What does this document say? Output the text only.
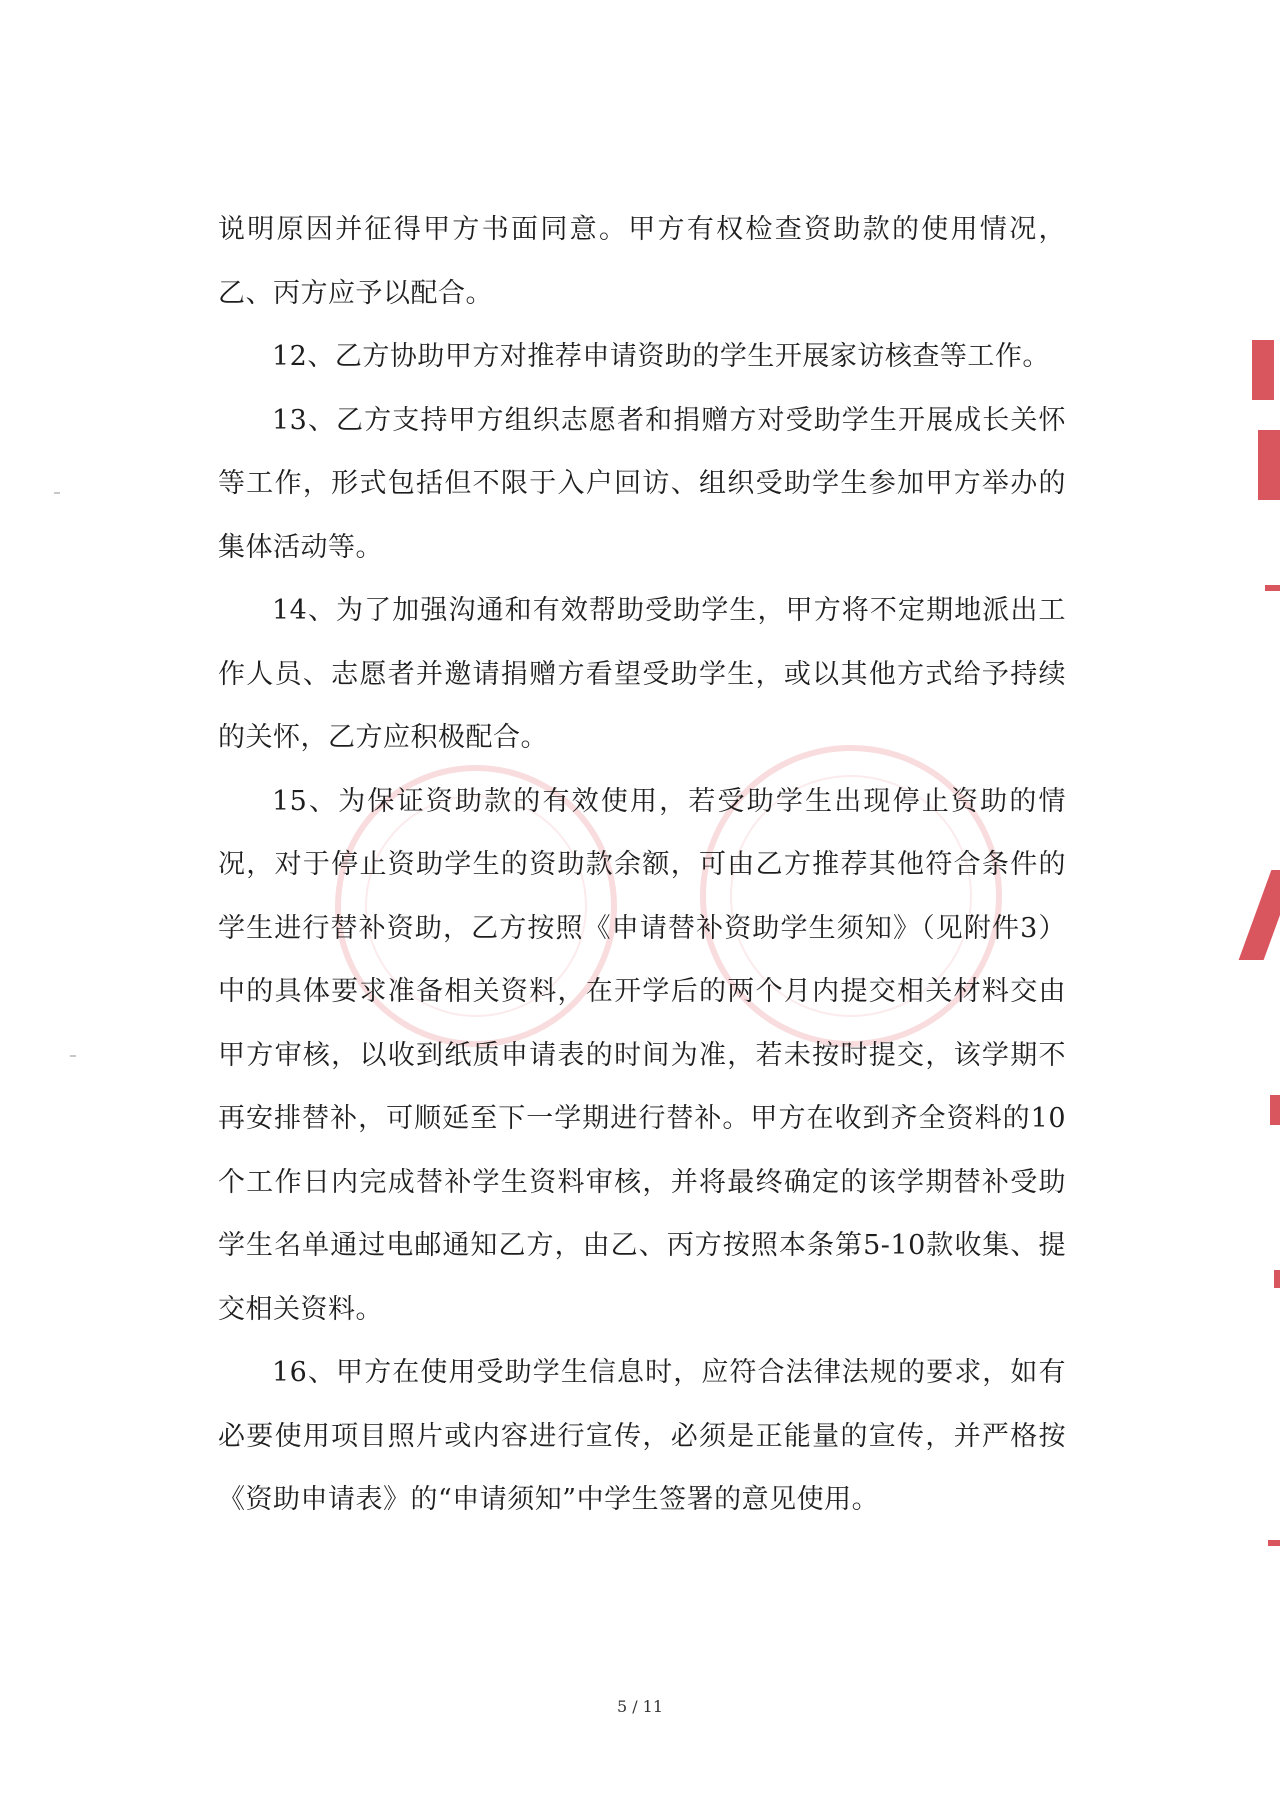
说明原因并征得甲方书面同意。甲方有权检查资助款的使用情况，乙、丙方应予以配合。

12、乙方协助甲方对推荐申请资助的学生开展家访核查等工作。

13、乙方支持甲方组织志愿者和捐赠方对受助学生开展成长关怀等工作，形式包括但不限于入户回访、组织受助学生参加甲方举办的集体活动等。

14、为了加强沟通和有效帮助受助学生，甲方将不定期地派出工作人员、志愿者并邀请捐赠方看望受助学生，或以其他方式给予持续的关怀，乙方应积极配合。

15、为保证资助款的有效使用，若受助学生出现停止资助的情况，对于停止资助学生的资助款余额，可由乙方推荐其他符合条件的学生进行替补资助，乙方按照《申请替补资助学生须知》（见附件3）中的具体要求准备相关资料，在开学后的两个月内提交相关材料交由甲方审核，以收到纸质申请表的时间为准，若未按时提交，该学期不再安排替补，可顺延至下一学期进行替补。甲方在收到齐全资料的10个工作日内完成替补学生资料审核，并将最终确定的该学期替补受助学生名单通过电邮通知乙方，由乙、丙方按照本条第5-10款收集、提交相关资料。

16、甲方在使用受助学生信息时，应符合法律法规的要求，如有必要使用项目照片或内容进行宣传，必须是正能量的宣传，并严格按《资助申请表》的“申请须知”中学生签署的意见使用。

5 / 11
